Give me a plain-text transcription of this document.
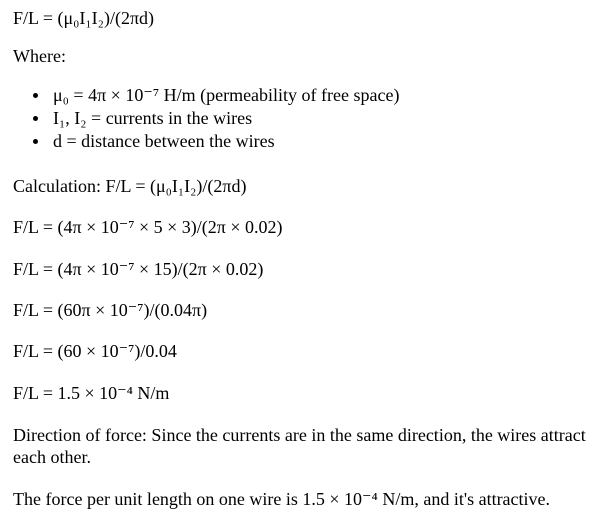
F/L = (μ₀I₁I₂)/(2πd)
Where:
μ₀ = 4π × 10⁻⁷ H/m (permeability of free space)
I₁, I₂ = currents in the wires
d = distance between the wires
Calculation: F/L = (μ₀I₁I₂)/(2πd)
F/L = (4π × 10⁻⁷ × 5 × 3)/(2π × 0.02)
F/L = (4π × 10⁻⁷ × 15)/(2π × 0.02)
F/L = (60π × 10⁻⁷)/(0.04π)
F/L = (60 × 10⁻⁷)/0.04
F/L = 1.5 × 10⁻⁴ N/m
Direction of force: Since the currents are in the same direction, the wires attract each other.
The force per unit length on one wire is 1.5 × 10⁻⁴ N/m, and it's attractive.
